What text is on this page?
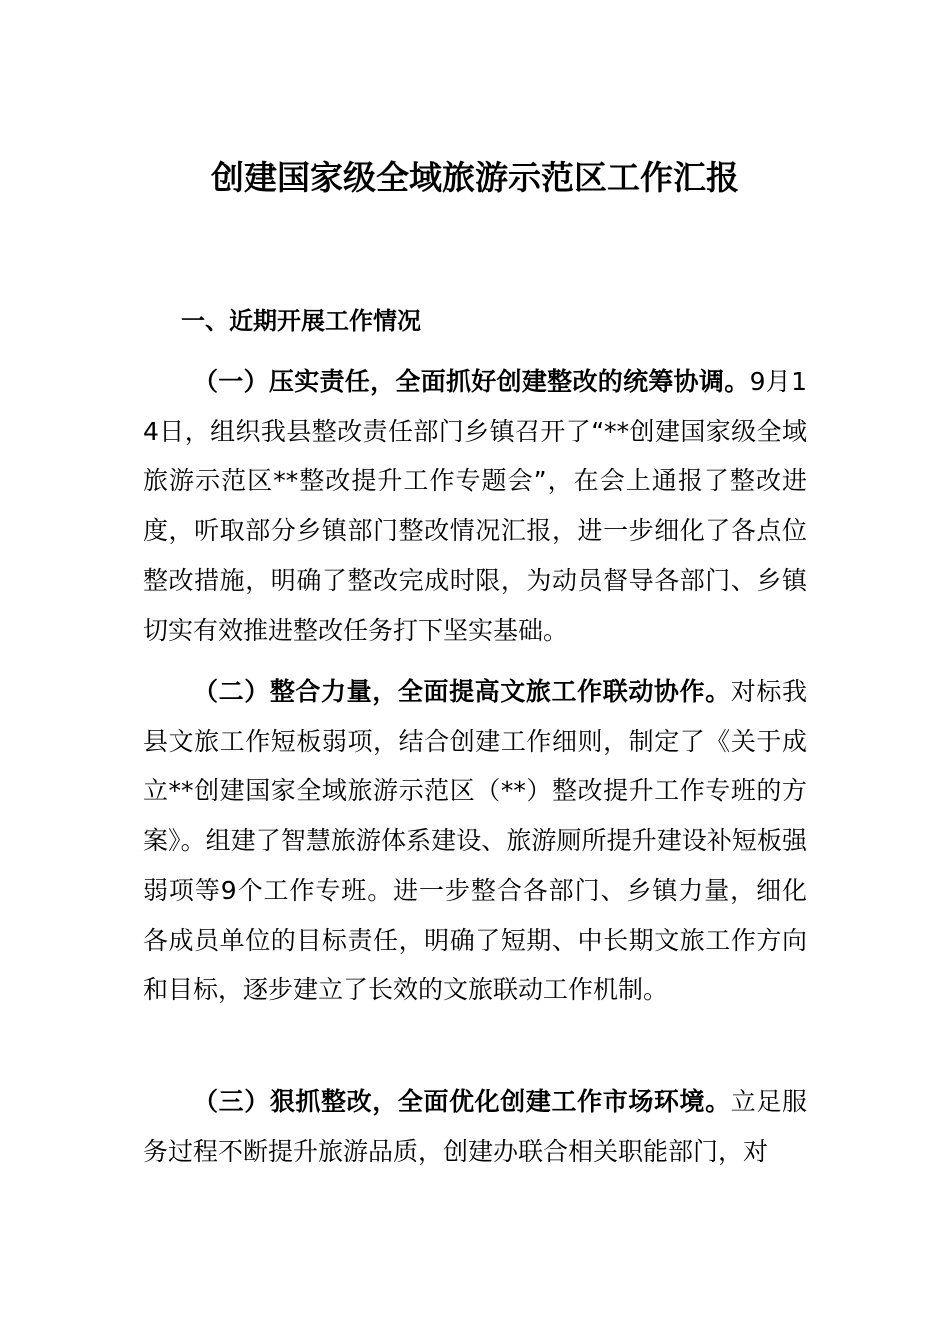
创建国家级全域旅游示范区工作汇报
一、近期开展工作情况

（一）压实责任，全面抓好创建整改的统筹协调。9月14日，组织我县整改责任部门乡镇召开了“**创建国家级全域旅游示范区**整改提升工作专题会”，在会上通报了整改进度，听取部分乡镇部门整改情况汇报，进一步细化了各点位整改措施，明确了整改完成时限，为动员督导各部门、乡镇切实有效推进整改任务打下坚实基础。

（二）整合力量，全面提高文旅工作联动协作。对标我县文旅工作短板弱项，结合创建工作细则，制定了《关于成立**创建国家全域旅游示范区（**）整改提升工作专班的方案》。组建了智慧旅游体系建设、旅游厕所提升建设补短板强弱项等9个工作专班。进一步整合各部门、乡镇力量，细化各成员单位的目标责任，明确了短期、中长期文旅工作方向和目标，逐步建立了长效的文旅联动工作机制。

（三）狠抓整改，全面优化创建工作市场环境。立足服务过程不断提升旅游品质，创建办联合相关职能部门，对
